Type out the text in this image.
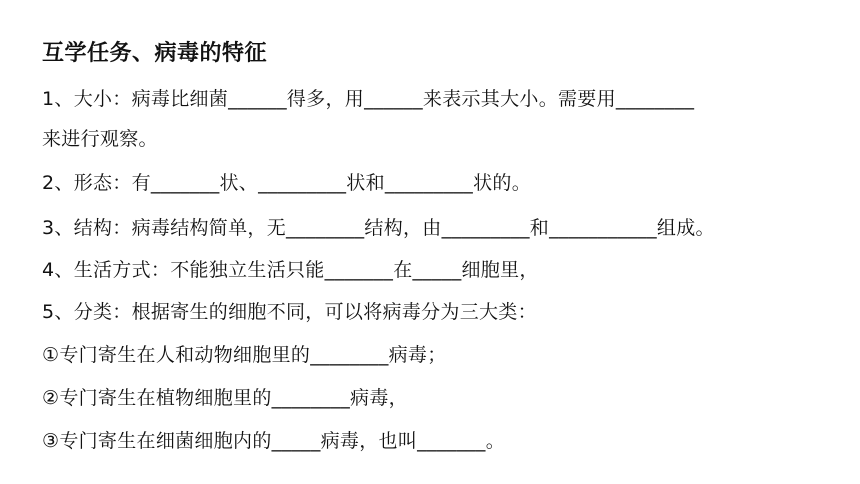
互学任务、病毒的特征
1、大小：病毒比细菌______得多，用______来表示其大小。需要用________
来进行观察。
2、形态：有_______状、_________状和_________状的。
3、结构：病毒结构简单，无________结构，由_________和___________组成。
4、生活方式：不能独立生活只能_______在_____细胞里，
5、分类：根据寄生的细胞不同，可以将病毒分为三大类：
①专门寄生在人和动物细胞里的________病毒；
②专门寄生在植物细胞里的________病毒，
③专门寄生在细菌细胞内的_____病毒，也叫_______。
